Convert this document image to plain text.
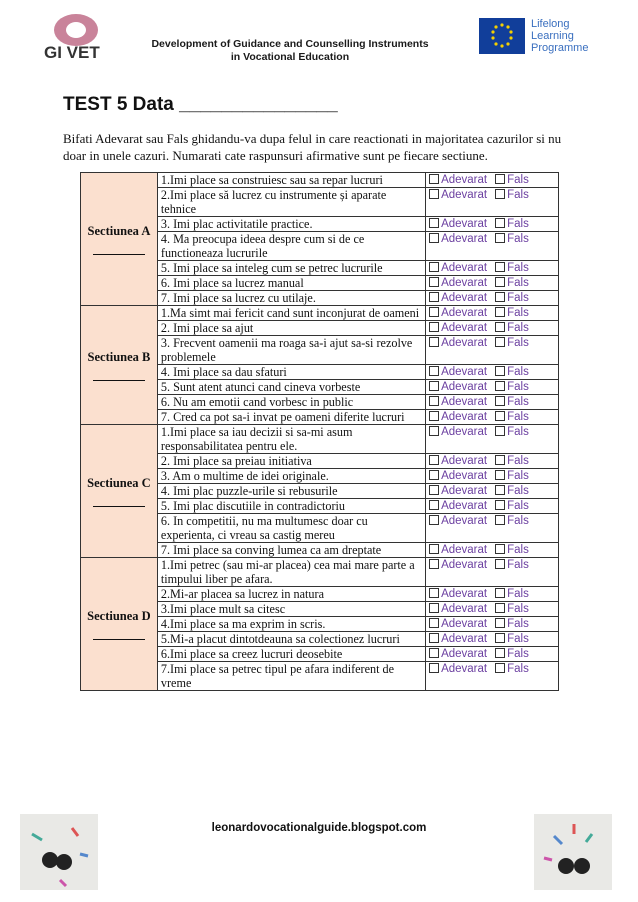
GI VET	Development of Guidance and Counselling Instruments
in Vocational Education
Lifelong
Learning
Programme
TEST 5 Data _______________
Bifati Adevarat sau Fals ghidandu-va dupa felul in care reactionati in majoritatea cazurilor si nu doar in unele cazuri. Numarati cate raspunsuri afirmative sunt pe fiecare sectiune.
Sectiunea A	1.Imi place sa construiesc sau sa repar lucruri	Adevarat Fals
	2.Imi place să lucrez cu instrumente și aparate tehnice	Adevarat Fals
	3. Imi plac activitatile practice.	Adevarat Fals
	4. Ma preocupa ideea despre cum si de ce functioneaza lucrurile	Adevarat Fals
	5. Imi place sa inteleg cum se petrec lucrurile	Adevarat Fals
	6. Imi place sa lucrez manual	Adevarat Fals
	7. Imi place sa lucrez cu utilaje.	Adevarat Fals
Sectiunea B	1.Ma simt mai fericit cand sunt inconjurat de oameni	Adevarat Fals
	2. Imi place sa ajut	Adevarat Fals
	3. Frecvent oamenii ma roaga sa-i ajut sa-si rezolve problemele	Adevarat Fals
	4. Imi place sa dau sfaturi	Adevarat Fals
	5. Sunt atent atunci cand cineva vorbeste	Adevarat Fals
	6. Nu am emotii cand vorbesc in public	Adevarat Fals
	7. Cred ca pot sa-i invat pe oameni diferite lucruri	Adevarat Fals
Sectiunea C	1.Imi place sa iau decizii si sa-mi asum responsabilitatea pentru ele.	Adevarat Fals
	2. Imi place sa preiau initiativa	Adevarat Fals
	3. Am o multime de idei originale.	Adevarat Fals
	4. Imi plac puzzle-urile si rebusurile	Adevarat Fals
	5. Imi plac discutiile in contradictoriu	Adevarat Fals
	6. In competitii, nu ma multumesc doar cu experienta, ci vreau sa castig mereu	Adevarat Fals
	7. Imi place sa conving lumea ca am dreptate	Adevarat Fals
Sectiunea D	1.Imi petrec (sau mi-ar placea) cea mai mare parte a timpului liber pe afara.	Adevarat Fals
	2.Mi-ar placea sa lucrez in natura	Adevarat Fals
	3.Imi place mult sa citesc	Adevarat Fals
	4.Imi place sa ma exprim in scris.	Adevarat Fals
	5.Mi-a placut dintotdeauna sa colectionez lucruri	Adevarat Fals
	6.Imi place sa creez lucruri deosebite	Adevarat Fals
	7.Imi place sa petrec tipul pe afara indiferent de vreme	Adevarat Fals
leonardovocationalguide.blogspot.com
